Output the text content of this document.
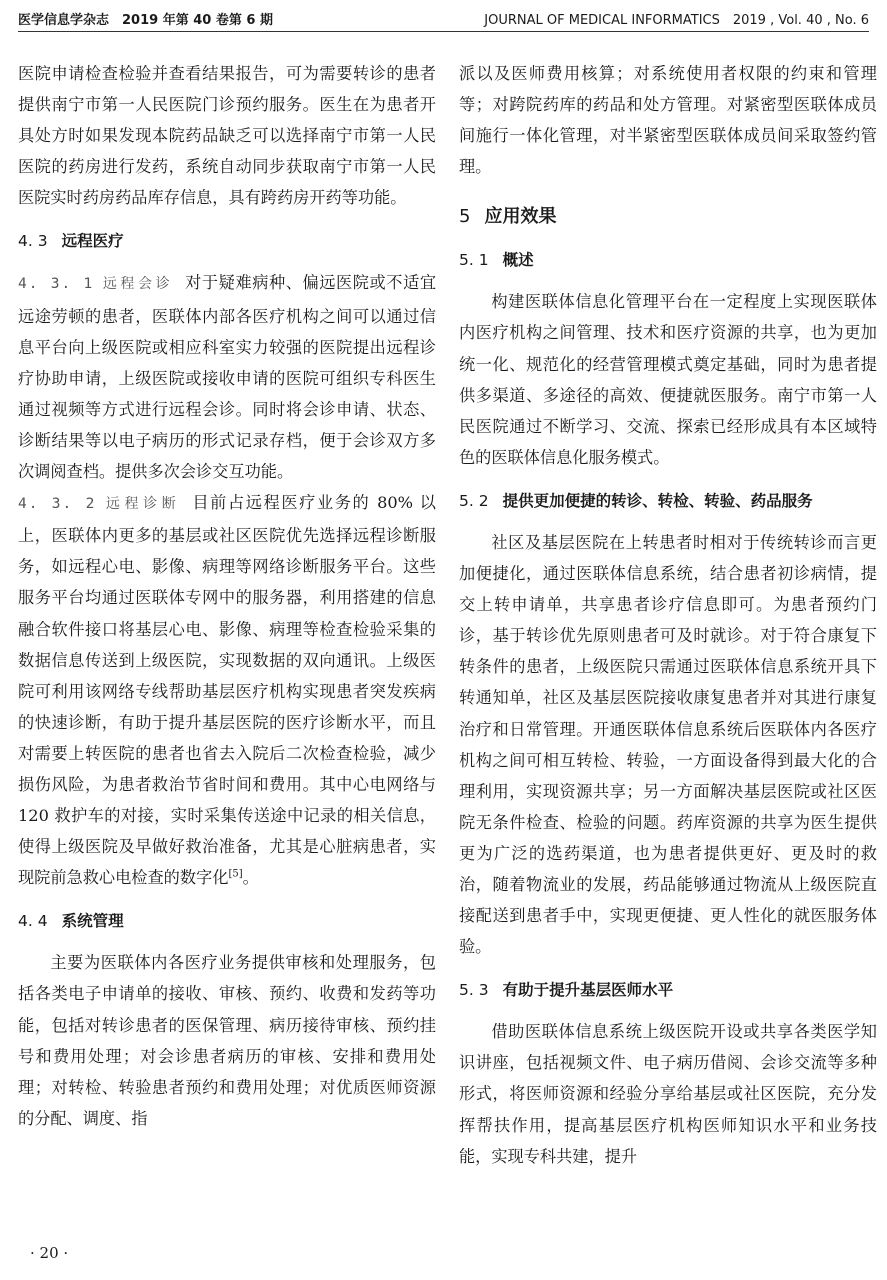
医学信息学杂志　2019 年第 40 卷第 6 期	JOURNAL OF MEDICAL INFORMATICS　2019 , Vol. 40 , No. 6

医院申请检查检验并查看结果报告，可为需要转诊的患者提供南宁市第一人民医院门诊预约服务。医生在为患者开具处方时如果发现本院药品缺乏可以选择南宁市第一人民医院的药房进行发药，系统自动同步获取南宁市第一人民医院实时药房药品库存信息，具有跨药房开药等功能。

4. 3 远程医疗

4. 3. 1 远程会诊 对于疑难病种、偏远医院或不适宜远途劳顿的患者，医联体内部各医疗机构之间可以通过信息平台向上级医院或相应科室实力较强的医院提出远程诊疗协助申请，上级医院或接收申请的医院可组织专科医生通过视频等方式进行远程会诊。同时将会诊申请、状态、诊断结果等以电子病历的形式记录存档，便于会诊双方多次调阅查档。提供多次会诊交互功能。

4. 3. 2 远程诊断 目前占远程医疗业务的 80% 以上，医联体内更多的基层或社区医院优先选择远程诊断服务，如远程心电、影像、病理等网络诊断服务平台。这些服务平台均通过医联体专网中的服务器，利用搭建的信息融合软件接口将基层心电、影像、病理等检查检验采集的数据信息传送到上级医院，实现数据的双向通讯。上级医院可利用该网络专线帮助基层医疗机构实现患者突发疾病的快速诊断，有助于提升基层医院的医疗诊断水平，而且对需要上转医院的患者也省去入院后二次检查检验，减少损伤风险，为患者救治节省时间和费用。其中心电网络与 120 救护车的对接，实时采集传送途中记录的相关信息，使得上级医院及早做好救治准备，尤其是心脏病患者，实现院前急救心电检查的数字化[5]。

4. 4 系统管理

主要为医联体内各医疗业务提供审核和处理服务，包括各类电子申请单的接收、审核、预约、收费和发药等功能，包括对转诊患者的医保管理、病历接待审核、预约挂号和费用处理；对会诊患者病历的审核、安排和费用处理；对转检、转验患者预约和费用处理；对优质医师资源的分配、调度、指

派以及医师费用核算；对系统使用者权限的约束和管理等；对跨院药库的药品和处方管理。对紧密型医联体成员间施行一体化管理，对半紧密型医联体成员间采取签约管理。

5 应用效果
5. 1 概述

构建医联体信息化管理平台在一定程度上实现医联体内医疗机构之间管理、技术和医疗资源的共享，也为更加统一化、规范化的经营管理模式奠定基础，同时为患者提供多渠道、多途径的高效、便捷就医服务。南宁市第一人民医院通过不断学习、交流、探索已经形成具有本区域特色的医联体信息化服务模式。

5. 2 提供更加便捷的转诊、转检、转验、药品服务

社区及基层医院在上转患者时相对于传统转诊而言更加便捷化，通过医联体信息系统，结合患者初诊病情，提交上转申请单，共享患者诊疗信息即可。为患者预约门诊，基于转诊优先原则患者可及时就诊。对于符合康复下转条件的患者，上级医院只需通过医联体信息系统开具下转通知单，社区及基层医院接收康复患者并对其进行康复治疗和日常管理。开通医联体信息系统后医联体内各医疗机构之间可相互转检、转验，一方面设备得到最大化的合理利用，实现资源共享；另一方面解决基层医院或社区医院无条件检查、检验的问题。药库资源的共享为医生提供更为广泛的选药渠道，也为患者提供更好、更及时的救治，随着物流业的发展，药品能够通过物流从上级医院直接配送到患者手中，实现更便捷、更人性化的就医服务体验。

5. 3 有助于提升基层医师水平

借助医联体信息系统上级医院开设或共享各类医学知识讲座，包括视频文件、电子病历借阅、会诊交流等多种形式，将医师资源和经验分享给基层或社区医院，充分发挥帮扶作用，提高基层医疗机构医师知识水平和业务技能，实现专科共建，提升

· 20 ·
